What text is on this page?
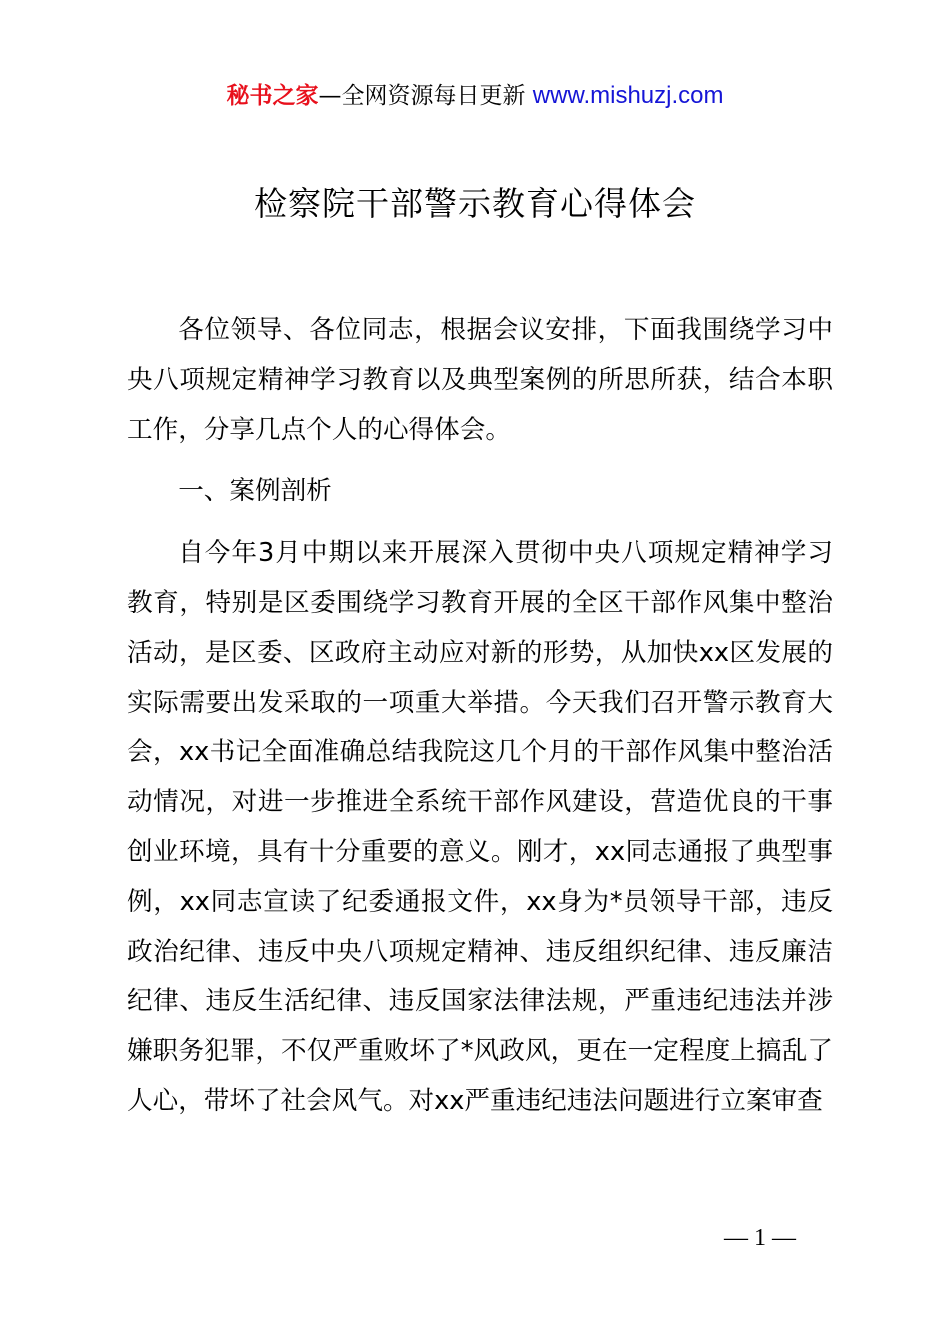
秘书之家—全网资源每日更新 www.mishuzj.com
检察院干部警示教育心得体会

各位领导、各位同志，根据会议安排，下面我围绕学习中央八项规定精神学习教育以及典型案例的所思所获，结合本职工作，分享几点个人的心得体会。

一、案例剖析

自今年3月中期以来开展深入贯彻中央八项规定精神学习教育，特别是区委围绕学习教育开展的全区干部作风集中整治活动，是区委、区政府主动应对新的形势，从加快xx区发展的实际需要出发采取的一项重大举措。今天我们召开警示教育大会，xx书记全面准确总结我院这几个月的干部作风集中整治活动情况，对进一步推进全系统干部作风建设，营造优良的干事创业环境，具有十分重要的意义。刚才，xx同志通报了典型事例，xx同志宣读了纪委通报文件，xx身为*员领导干部，违反政治纪律、违反中央八项规定精神、违反组织纪律、违反廉洁纪律、违反生活纪律、违反国家法律法规，严重违纪违法并涉嫌职务犯罪，不仅严重败坏了*风政风，更在一定程度上搞乱了人心，带坏了社会风气。对xx严重违纪违法问题进行立案审查

— 1 —
